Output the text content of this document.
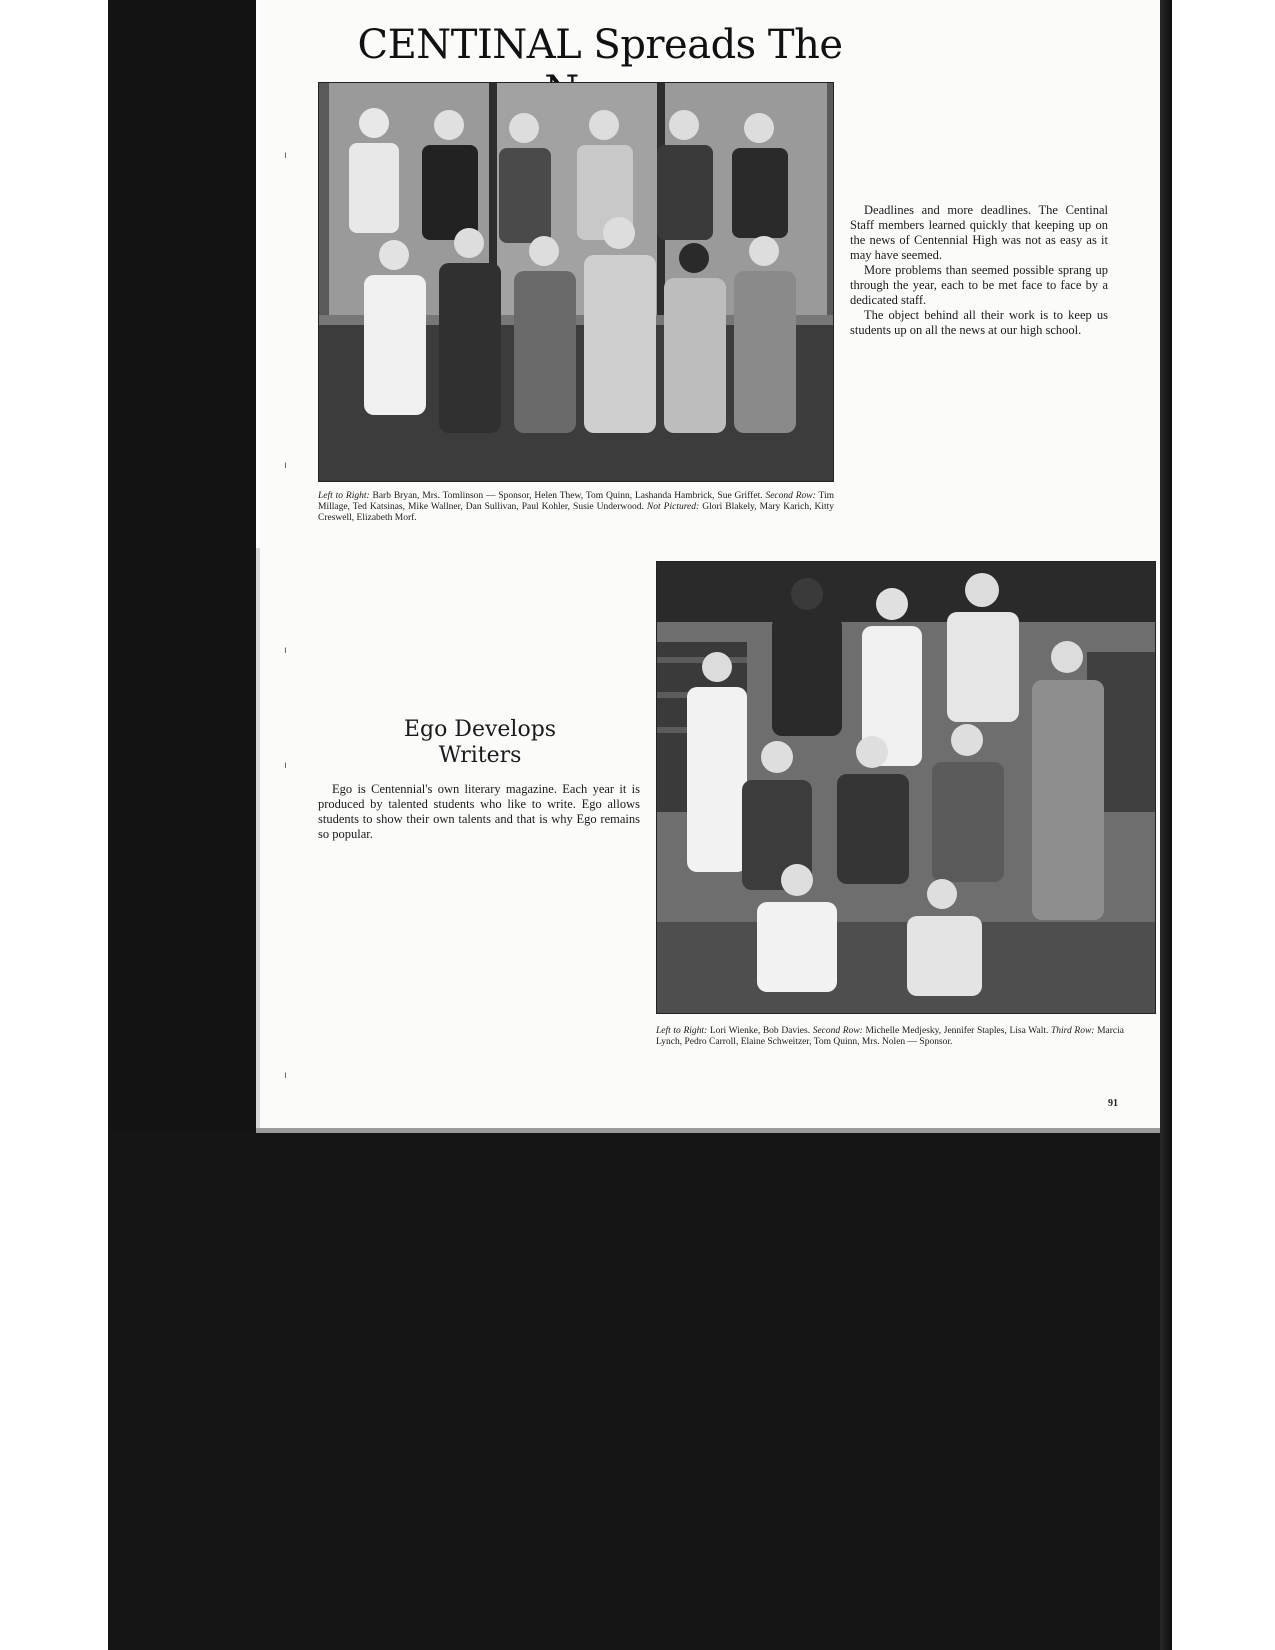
ı
ı
ı
ı
ı
CENTINAL Spreads The

Deadlines and more deadlines. The Centinal Staff members learned quickly that keeping up on the news of Centennial High was not as easy as it may have seemed.

More problems than seemed possible sprang up through the year, each to be met face to face by a dedicated staff.

The object behind all their work is to keep us students up on all the news at our high school.

Left to Right: Barb Bryan, Mrs. Tomlinson — Sponsor, Helen Thew, Tom Quinn, Lashanda Hambrick, Sue Griffet. Second Row: Tim Millage, Ted Katsinas, Mike Wallner, Dan Sullivan, Paul Kohler, Susie Underwood. Not Pictured: Glori Blakely, Mary Karich, Kitty Creswell, Elizabeth Morf.

Ego Develops
Writers

Ego is Centennial's own literary magazine. Each year it is produced by talented students who like to write. Ego allows students to show their own talents and that is why Ego remains so popular.

Left to Right: Lori Wienke, Bob Davies. Second Row: Michelle Medjesky, Jennifer Staples, Lisa Walt. Third Row: Marcia Lynch, Pedro Carroll, Elaine Schweitzer, Tom Quinn, Mrs. Nolen — Sponsor.

91
